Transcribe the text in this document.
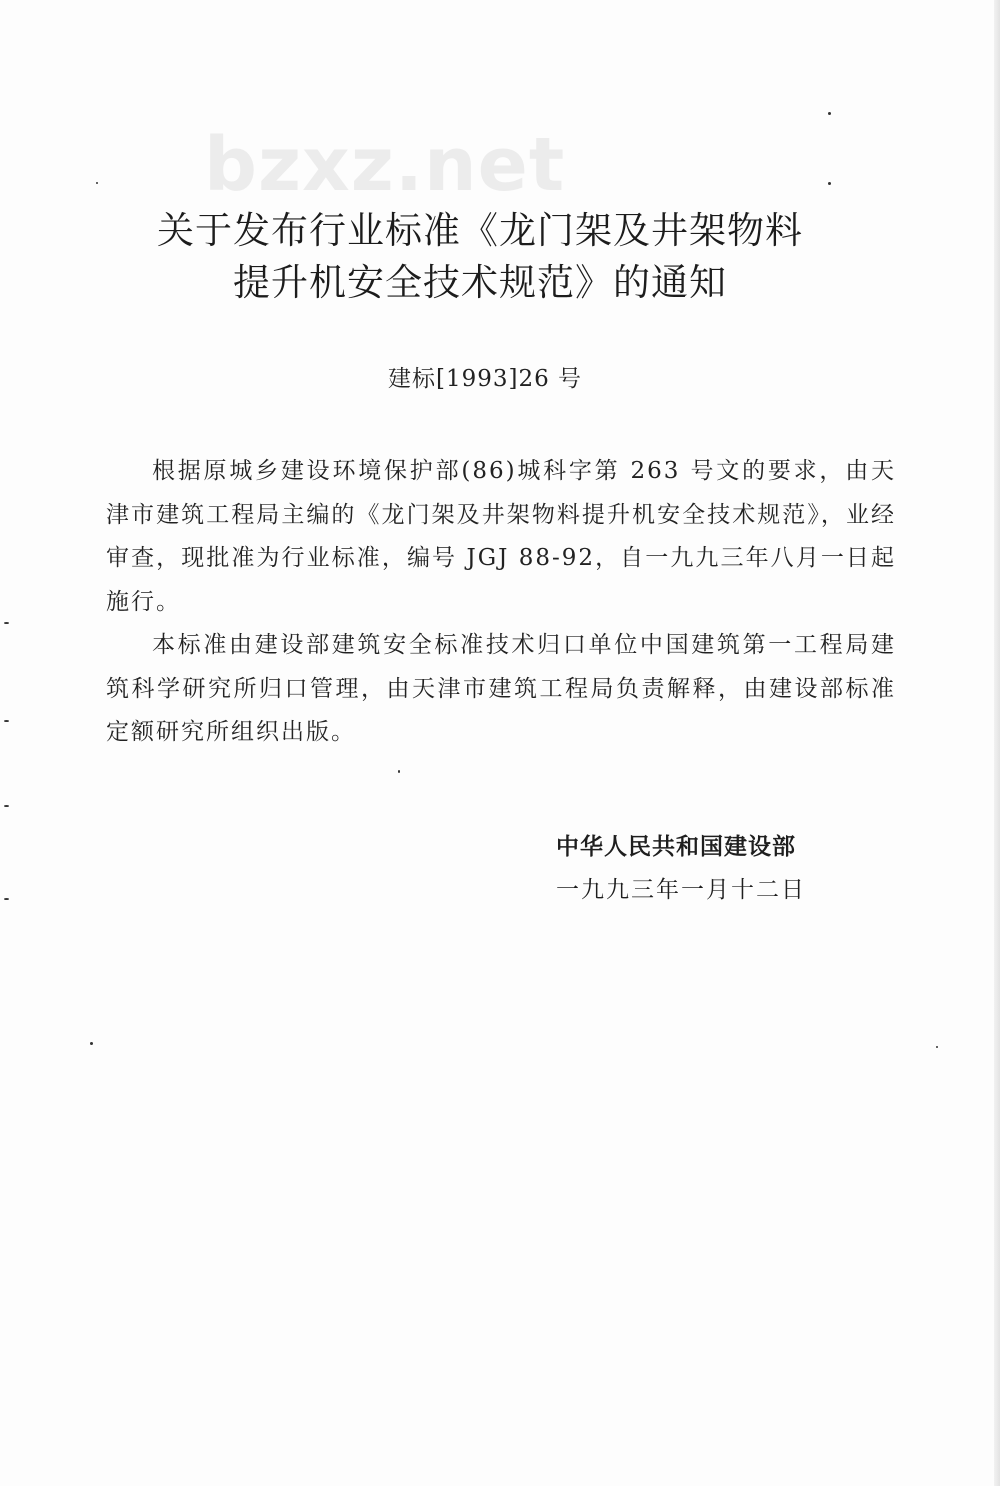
bzxz.net
关于发布行业标准《龙门架及井架物料
提升机安全技术规范》的通知
建标[1993]26 号

根据原城乡建设环境保护部(86)城科字第 263 号文的要求，由天津市建筑工程局主编的《龙门架及井架物料提升机安全技术规范》，业经审查，现批准为行业标准，编号 JGJ 88-92，自一九九三年八月一日起施行。

本标准由建设部建筑安全标准技术归口单位中国建筑第一工程局建筑科学研究所归口管理，由天津市建筑工程局负责解释，由建设部标准定额研究所组织出版。

中华人民共和国建设部
一九九三年一月十二日
